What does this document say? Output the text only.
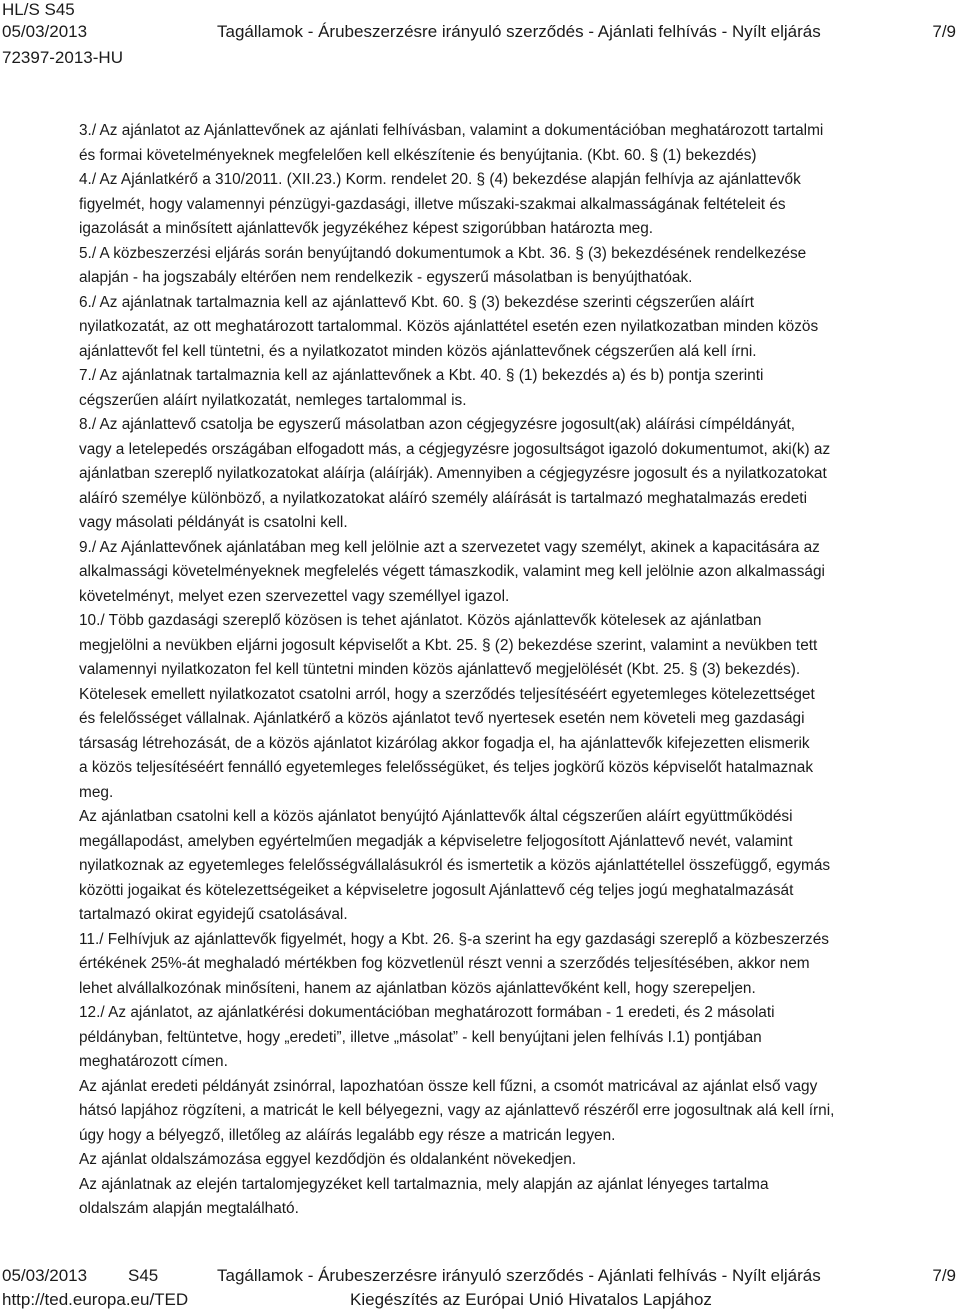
HL/S S45
05/03/2013
72397-2013-HU
Tagállamok - Árubeszerzésre irányuló szerződés - Ajánlati felhívás - Nyílt eljárás	7/9

3./ Az ajánlatot az Ajánlattevőnek az ajánlati felhívásban, valamint a dokumentációban meghatározott tartalmi

és formai követelményeknek megfelelően kell elkészítenie és benyújtania. (Kbt. 60. § (1) bekezdés)

4./ Az Ajánlatkérő a 310/2011. (XII.23.) Korm. rendelet 20. § (4) bekezdése alapján felhívja az ajánlattevők

figyelmét, hogy valamennyi pénzügyi-gazdasági, illetve műszaki-szakmai alkalmasságának feltételeit és

igazolását a minősített ajánlattevők jegyzékéhez képest szigorúbban határozta meg.

5./ A közbeszerzési eljárás során benyújtandó dokumentumok a Kbt. 36. § (3) bekezdésének rendelkezése

alapján - ha jogszabály eltérően nem rendelkezik - egyszerű másolatban is benyújthatóak.

6./ Az ajánlatnak tartalmaznia kell az ajánlattevő Kbt. 60. § (3) bekezdése szerinti cégszerűen aláírt

nyilatkozatát, az ott meghatározott tartalommal. Közös ajánlattétel esetén ezen nyilatkozatban minden közös

ajánlattevőt fel kell tüntetni, és a nyilatkozatot minden közös ajánlattevőnek cégszerűen alá kell írni.

7./ Az ajánlatnak tartalmaznia kell az ajánlattevőnek a Kbt. 40. § (1) bekezdés a) és b) pontja szerinti

cégszerűen aláírt nyilatkozatát, nemleges tartalommal is.

8./ Az ajánlattevő csatolja be egyszerű másolatban azon cégjegyzésre jogosult(ak) aláírási címpéldányát,

vagy a letelepedés országában elfogadott más, a cégjegyzésre jogosultságot igazoló dokumentumot, aki(k) az

ajánlatban szereplő nyilatkozatokat aláírja (aláírják). Amennyiben a cégjegyzésre jogosult és a nyilatkozatokat

aláíró személye különböző, a nyilatkozatokat aláíró személy aláírását is tartalmazó meghatalmazás eredeti

vagy másolati példányát is csatolni kell.

9./ Az Ajánlattevőnek ajánlatában meg kell jelölnie azt a szervezetet vagy személyt, akinek a kapacitására az

alkalmassági követelményeknek megfelelés végett támaszkodik, valamint meg kell jelölnie azon alkalmassági

követelményt, melyet ezen szervezettel vagy személlyel igazol.

10./ Több gazdasági szereplő közösen is tehet ajánlatot. Közös ajánlattevők kötelesek az ajánlatban

megjelölni a nevükben eljárni jogosult képviselőt a Kbt. 25. § (2) bekezdése szerint, valamint a nevükben tett

valamennyi nyilatkozaton fel kell tüntetni minden közös ajánlattevő megjelölését (Kbt. 25. § (3) bekezdés).

Kötelesek emellett nyilatkozatot csatolni arról, hogy a szerződés teljesítéséért egyetemleges kötelezettséget

és felelősséget vállalnak. Ajánlatkérő a közös ajánlatot tevő nyertesek esetén nem követeli meg gazdasági

társaság létrehozását, de a közös ajánlatot kizárólag akkor fogadja el, ha ajánlattevők kifejezetten elismerik

a közös teljesítéséért fennálló egyetemleges felelősségüket, és teljes jogkörű közös képviselőt hatalmaznak

meg.

Az ajánlatban csatolni kell a közös ajánlatot benyújtó Ajánlattevők által cégszerűen aláírt együttműködési

megállapodást, amelyben egyértelműen megadják a képviseletre feljogosított Ajánlattevő nevét, valamint

nyilatkoznak az egyetemleges felelősségvállalásukról és ismertetik a közös ajánlattétellel összefüggő, egymás

közötti jogaikat és kötelezettségeiket a képviseletre jogosult Ajánlattevő cég teljes jogú meghatalmazását

tartalmazó okirat egyidejű csatolásával.

11./ Felhívjuk az ajánlattevők figyelmét, hogy a Kbt. 26. §-a szerint ha egy gazdasági szereplő a közbeszerzés

értékének 25%-át meghaladó mértékben fog közvetlenül részt venni a szerződés teljesítésében, akkor nem

lehet alvállalkozónak minősíteni, hanem az ajánlatban közös ajánlattevőként kell, hogy szerepeljen.

12./ Az ajánlatot, az ajánlatkérési dokumentációban meghatározott formában - 1 eredeti, és 2 másolati

példányban, feltüntetve, hogy „eredeti”, illetve „másolat” - kell benyújtani jelen felhívás I.1) pontjában

meghatározott címen.

Az ajánlat eredeti példányát zsinórral, lapozhatóan össze kell fűzni, a csomót matricával az ajánlat első vagy

hátsó lapjához rögzíteni, a matricát le kell bélyegezni, vagy az ajánlattevő részéről erre jogosultnak alá kell írni,

úgy hogy a bélyegző, illetőleg az aláírás legalább egy része a matricán legyen.

Az ajánlat oldalszámozása eggyel kezdődjön és oldalanként növekedjen.

Az ajánlatnak az elején tartalomjegyzéket kell tartalmaznia, mely alapján az ajánlat lényeges tartalma

oldalszám alapján megtalálható.

05/03/2013 S45	Tagállamok - Árubeszerzésre irányuló szerződés - Ajánlati felhívás - Nyílt eljárás	7/9
http://ted.europa.eu/TED	Kiegészítés az Európai Unió Hivatalos Lapjához
